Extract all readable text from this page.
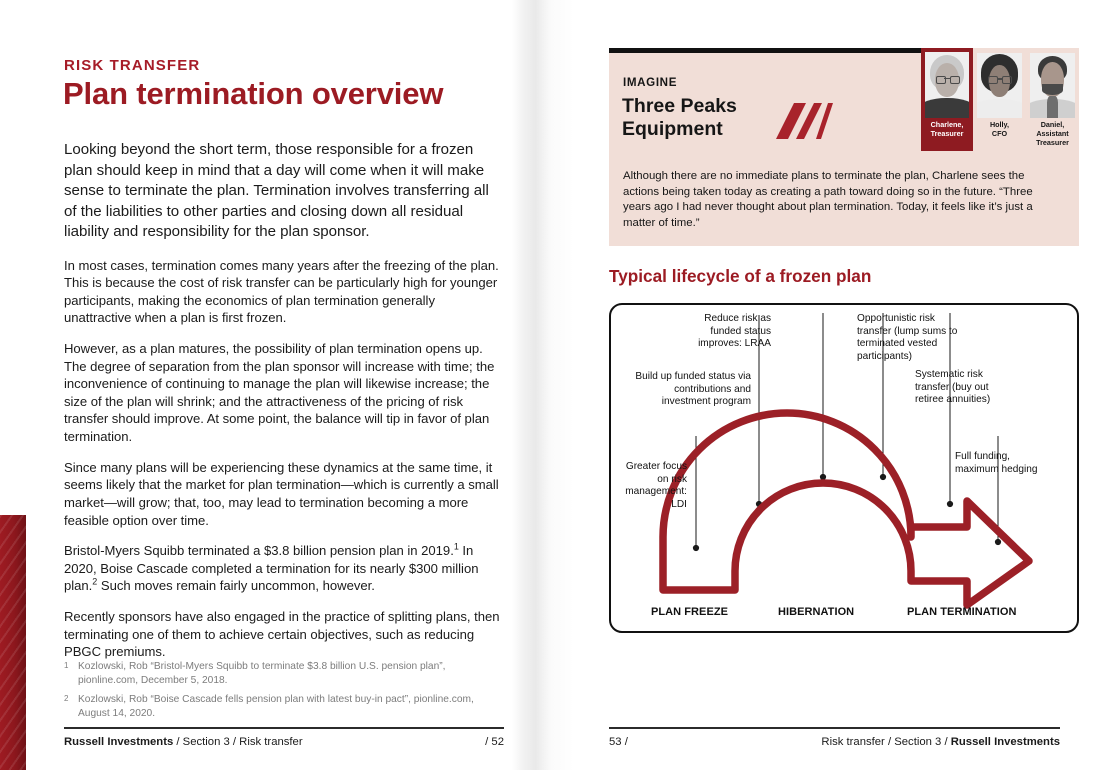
RISK TRANSFER
Plan termination overview

Looking beyond the short term, those responsible for a frozen plan should keep in mind that a day will come when it will make sense to terminate the plan. Termination involves transferring all of the liabilities to other parties and closing down all residual liability and responsibility for the plan sponsor.

In most cases, termination comes many years after the freezing of the plan. This is because the cost of risk transfer can be particularly high for younger participants, making the economics of plan termination generally unattractive when a plan is first frozen.

However, as a plan matures, the possibility of plan termination opens up. The degree of separation from the plan sponsor will increase with time; the inconvenience of continuing to manage the plan will likewise increase; the size of the plan will shrink; and the attractiveness of the pricing of risk transfer should improve. At some point, the balance will tip in favor of plan termination.

Since many plans will be experiencing these dynamics at the same time, it seems likely that the market for plan termination—which is currently a small market—will grow; that, too, may lead to termination becoming a more feasible option over time.

Bristol-Myers Squibb terminated a $3.8 billion pension plan in 2019.$^1$ In 2020, Boise Cascade completed a termination for its nearly $300 million plan.$^2$ Such moves remain fairly uncommon, however.

Recently sponsors have also engaged in the practice of splitting plans, then terminating one of them to achieve certain objectives, such as reducing PBGC premiums.

1 Kozlowski, Rob “Bristol-Myers Squibb to terminate $3.8 billion U.S. pension plan”, pionline.com, December 5, 2018.
2 Kozlowski, Rob “Boise Cascade fells pension plan with latest buy-in pact”, pionline.com, August 14, 2020.
Russell Investments / Section 3 / Risk transfer	/ 52
IMAGINE
Three Peaks
Equipment	Charlene,
Treasurer
Holly,
CFO
Daniel,
Assistant Treasurer
Although there are no immediate plans to terminate the plan, Charlene sees the actions being taken today as creating a path toward doing so in the future. “Three years ago I had never thought about plan termination. Today, it feels like it’s just a matter of time.”
Typical lifecycle of a frozen plan
Reduce risk as funded status improves: LRAA
Build up funded status via contributions and investment program
Greater focus on risk management: LDI
Opportunistic risk transfer (lump sums to terminated vested participants)
Systematic risk transfer (buy out retiree annuities)
Full funding, maximum hedging
PLAN FREEZE	HIBERNATION	PLAN TERMINATION
53 /	Risk transfer / Section 3 / Russell Investments
